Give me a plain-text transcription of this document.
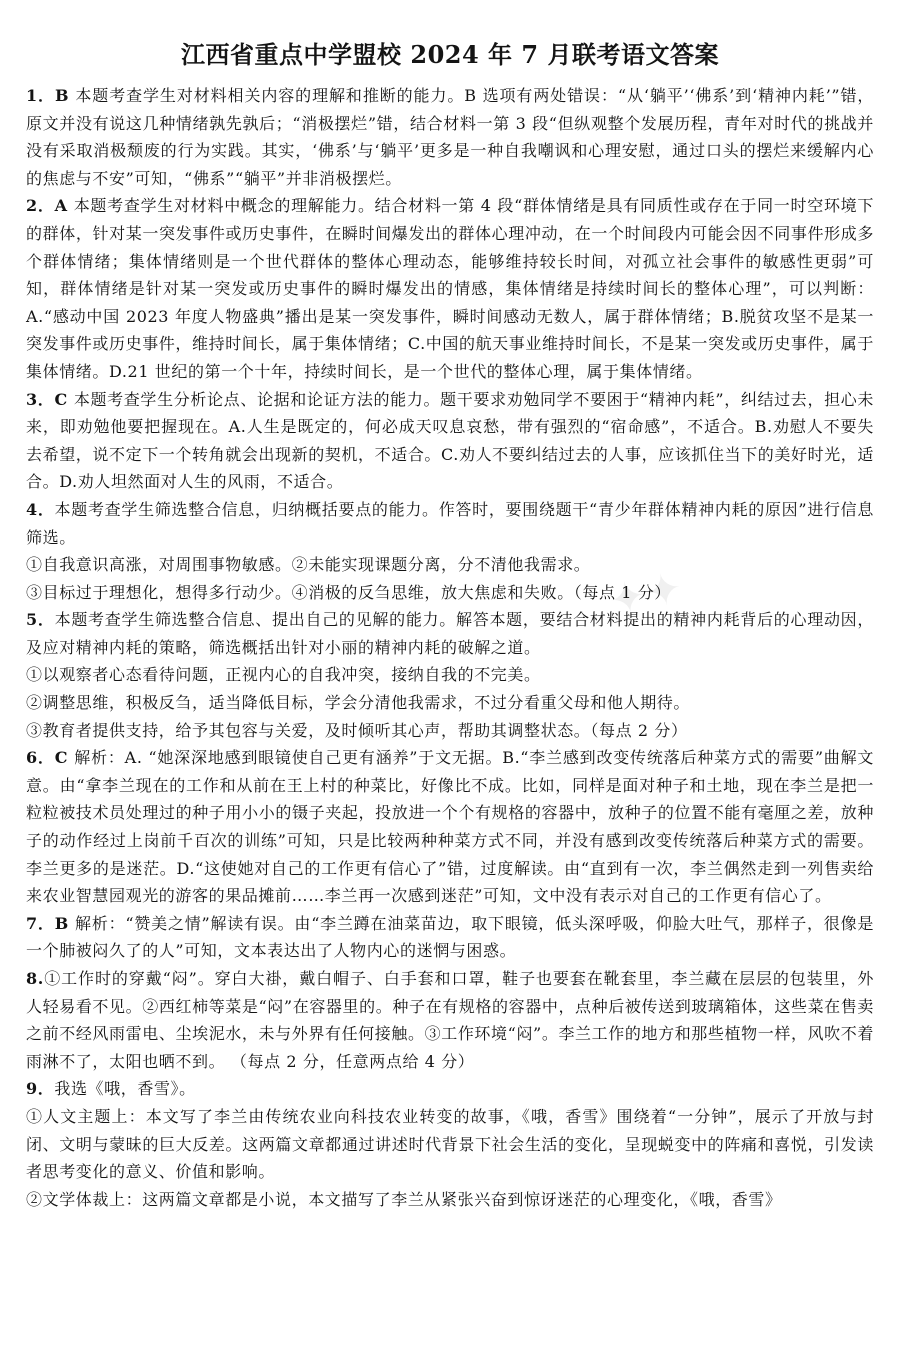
江西省重点中学盟校 2024 年 7 月联考语文答案

1．B 本题考查学生对材料相关内容的理解和推断的能力。B 选项有两处错误：“从‘躺平’‘佛系’到‘精神内耗’”错，原文并没有说这几种情绪孰先孰后；“消极摆烂”错，结合材料一第 3 段“但纵观整个发展历程，青年对时代的挑战并没有采取消极颓废的行为实践。其实，‘佛系’与‘躺平’更多是一种自我嘲讽和心理安慰，通过口头的摆烂来缓解内心的焦虑与不安”可知，“佛系”“躺平”并非消极摆烂。

2．A 本题考查学生对材料中概念的理解能力。结合材料一第 4 段“群体情绪是具有同质性或存在于同一时空环境下的群体，针对某一突发事件或历史事件，在瞬时间爆发出的群体心理冲动，在一个时间段内可能会因不同事件形成多个群体情绪；集体情绪则是一个世代群体的整体心理动态，能够维持较长时间，对孤立社会事件的敏感性更弱”可知，群体情绪是针对某一突发或历史事件的瞬时爆发出的情感，集体情绪是持续时间长的整体心理”，可以判断：A.“感动中国 2023 年度人物盛典”播出是某一突发事件，瞬时间感动无数人，属于群体情绪；B.脱贫攻坚不是某一突发事件或历史事件，维持时间长，属于集体情绪；C.中国的航天事业维持时间长，不是某一突发或历史事件，属于集体情绪。D.21 世纪的第一个十年，持续时间长，是一个世代的整体心理，属于集体情绪。

3．C 本题考查学生分析论点、论据和论证方法的能力。题干要求劝勉同学不要困于“精神内耗”，纠结过去，担心未来，即劝勉他要把握现在。A.人生是既定的，何必成天叹息哀愁，带有强烈的“宿命感”，不适合。B.劝慰人不要失去希望，说不定下一个转角就会出现新的契机，不适合。C.劝人不要纠结过去的人事，应该抓住当下的美好时光，适合。D.劝人坦然面对人生的风雨，不适合。

4．本题考查学生筛选整合信息，归纳概括要点的能力。作答时，要围绕题干“青少年群体精神内耗的原因”进行信息筛选。

①自我意识高涨，对周围事物敏感。②未能实现课题分离，分不清他我需求。

③目标过于理想化，想得多行动少。④消极的反刍思维，放大焦虑和失败。（每点 1 分）

5．本题考查学生筛选整合信息、提出自己的见解的能力。解答本题，要结合材料提出的精神内耗背后的心理动因，及应对精神内耗的策略，筛选概括出针对小丽的精神内耗的破解之道。

①以观察者心态看待问题，正视内心的自我冲突，接纳自我的不完美。

②调整思维，积极反刍，适当降低目标，学会分清他我需求，不过分看重父母和他人期待。

③教育者提供支持，给予其包容与关爱，及时倾听其心声，帮助其调整状态。（每点 2 分）

6．C 解析：A. “她深深地感到眼镜使自己更有涵养”于文无据。B.“李兰感到改变传统落后种菜方式的需要”曲解文意。由“拿李兰现在的工作和从前在王上村的种菜比，好像比不成。比如，同样是面对种子和土地，现在李兰是把一粒粒被技术员处理过的种子用小小的镊子夹起，投放进一个个有规格的容器中，放种子的位置不能有毫厘之差，放种子的动作经过上岗前千百次的训练”可知，只是比较两种种菜方式不同，并没有感到改变传统落后种菜方式的需要。李兰更多的是迷茫。D.“这使她对自己的工作更有信心了”错，过度解读。由“直到有一次，李兰偶然走到一列售卖给来农业智慧园观光的游客的果品摊前……李兰再一次感到迷茫”可知，文中没有表示对自己的工作更有信心了。

7．B 解析：“赞美之情”解读有误。由“李兰蹲在油菜苗边，取下眼镜，低头深呼吸，仰脸大吐气，那样子，很像是一个肺被闷久了的人”可知，文本表达出了人物内心的迷惘与困惑。

8.①工作时的穿戴“闷”。穿白大褂，戴白帽子、白手套和口罩，鞋子也要套在靴套里，李兰藏在层层的包装里，外人轻易看不见。②西红柿等菜是“闷”在容器里的。种子在有规格的容器中，点种后被传送到玻璃箱体，这些菜在售卖之前不经风雨雷电、尘埃泥水，未与外界有任何接触。③工作环境“闷”。李兰工作的地方和那些植物一样，风吹不着雨淋不了，太阳也晒不到。 （每点 2 分，任意两点给 4 分）

9．我选《哦，香雪》。

①人文主题上：本文写了李兰由传统农业向科技农业转变的故事，《哦，香雪》围绕着“一分钟”，展示了开放与封闭、文明与蒙昧的巨大反差。这两篇文章都通过讲述时代背景下社会生活的变化，呈现蜕变中的阵痛和喜悦，引发读者思考变化的意义、价值和影响。

②文学体裁上：这两篇文章都是小说，本文描写了李兰从紧张兴奋到惊讶迷茫的心理变化，《哦，香雪》

✦✦
